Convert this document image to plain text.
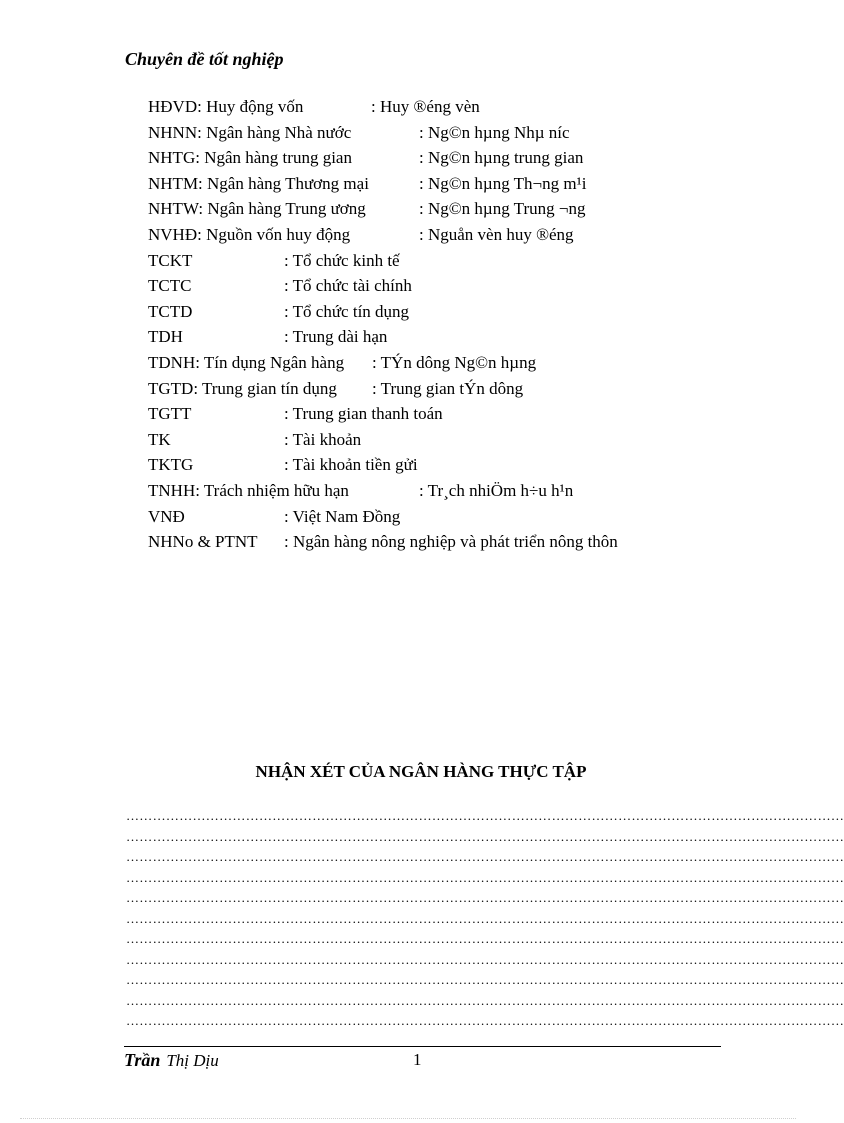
Chuyên đề tốt nghiệp
HĐVD: Huy động vốn	: Huy ®éng vèn
NHNN: Ngân hàng Nhà nước	: Ng©n hµng Nhµ níc
NHTG: Ngân hàng trung gian	: Ng©n hµng trung gian
NHTM: Ngân hàng Thương mại	: Ng©n hµng Th¬ng m¹i
NHTW: Ngân hàng Trung ương	: Ng©n hµng Trung ¬ng
NVHĐ: Nguồn vốn huy động	: Nguån vèn huy ®éng
TCKT	: Tổ chức kinh tế
TCTC	: Tổ chức tài chính
TCTD	: Tổ chức tín dụng
TDH	: Trung dài hạn
TDNH: Tín dụng Ngân hàng : TÝn dông Ng©n hµng
TGTD: Trung gian tín dụng : Trung gian tÝn dông
TGTT	: Trung gian thanh toán
TK	: Tài khoản
TKTG	: Tài khoản tiền gửi
TNHH: Trách nhiệm hữu hạn	: Tr¸ch nhiÖm h÷u h¹n
VNĐ	: Việt Nam Đồng
NHNo & PTNT : Ngân hàng nông nghiệp và phát triển nông thôn
NHẬN XÉT CỦA NGÂN HÀNG THỰC TẬP
………………………………………………………………………………………………………………………………………………
………………………………………………………………………………………………………………………………………………
………………………………………………………………………………………………………………………………………………
………………………………………………………………………………………………………………………………………………
………………………………………………………………………………………………………………………………………………
………………………………………………………………………………………………………………………………………………
………………………………………………………………………………………………………………………………………………
………………………………………………………………………………………………………………………………………………
………………………………………………………………………………………………………………………………………………
………………………………………………………………………………………………………………………………………………
………………………………………………………………………………………………………………………………………………
Trần Thị Dịu	1
